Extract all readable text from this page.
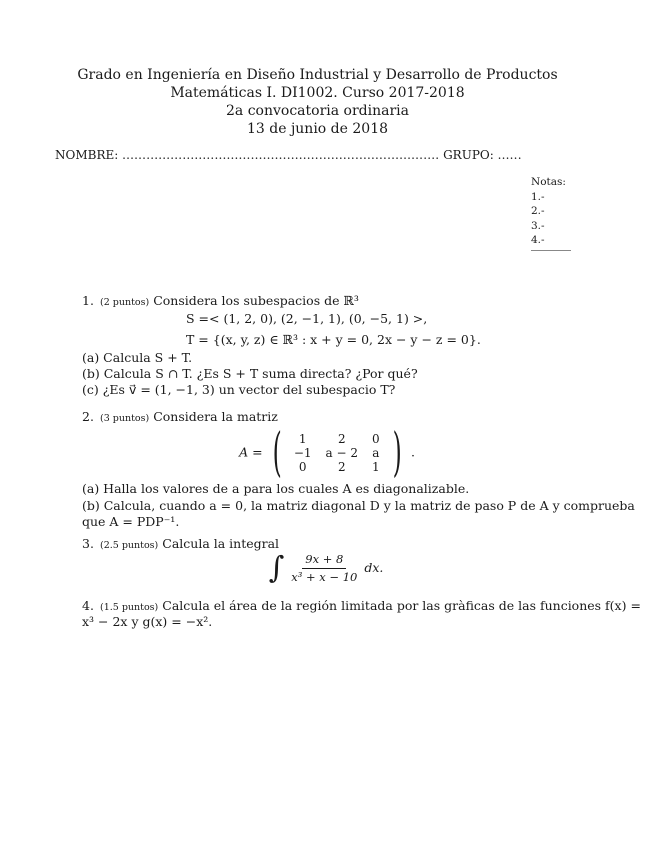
Grado en Ingeniería en Diseño Industrial y Desarrollo de Productos
Matemáticas I. DI1002. Curso 2017-2018
2a convocatoria ordinaria
13 de junio de 2018
NOMBRE: ............................................................................... GRUPO: ......
Notas:
1.-
2.-
3.-
4.-
1. (2 puntos) Considera los subespacios de ℝ³
S =< (1, 2, 0), (2, −1, 1), (0, −5, 1) >,
T = {(x, y, z) ∈ ℝ³ : x + y = 0, 2x − y − z = 0}.
(a) Calcula S + T.
(b) Calcula S ∩ T. ¿Es S + T suma directa? ¿Por qué?
(c) ¿Es v⃗ = (1, −1, 3) un vector del subespacio T?
2. (3 puntos) Considera la matriz
A = ( 1	2	0
−1	a − 2	a
0	2	1 ) .
(a) Halla los valores de a para los cuales A es diagonalizable.
(b) Calcula, cuando a = 0, la matriz diagonal D y la matriz de paso P de A y comprueba
que A = PDP⁻¹.
3. (2.5 puntos) Calcula la integral
∫ $\frac{9x + 8}{\text{x³ + x − 10}}$ dx.
4. (1.5 puntos) Calcula el área de la región limitada por las gràficas de las funciones f(x) =
x³ − 2x y g(x) = −x².
